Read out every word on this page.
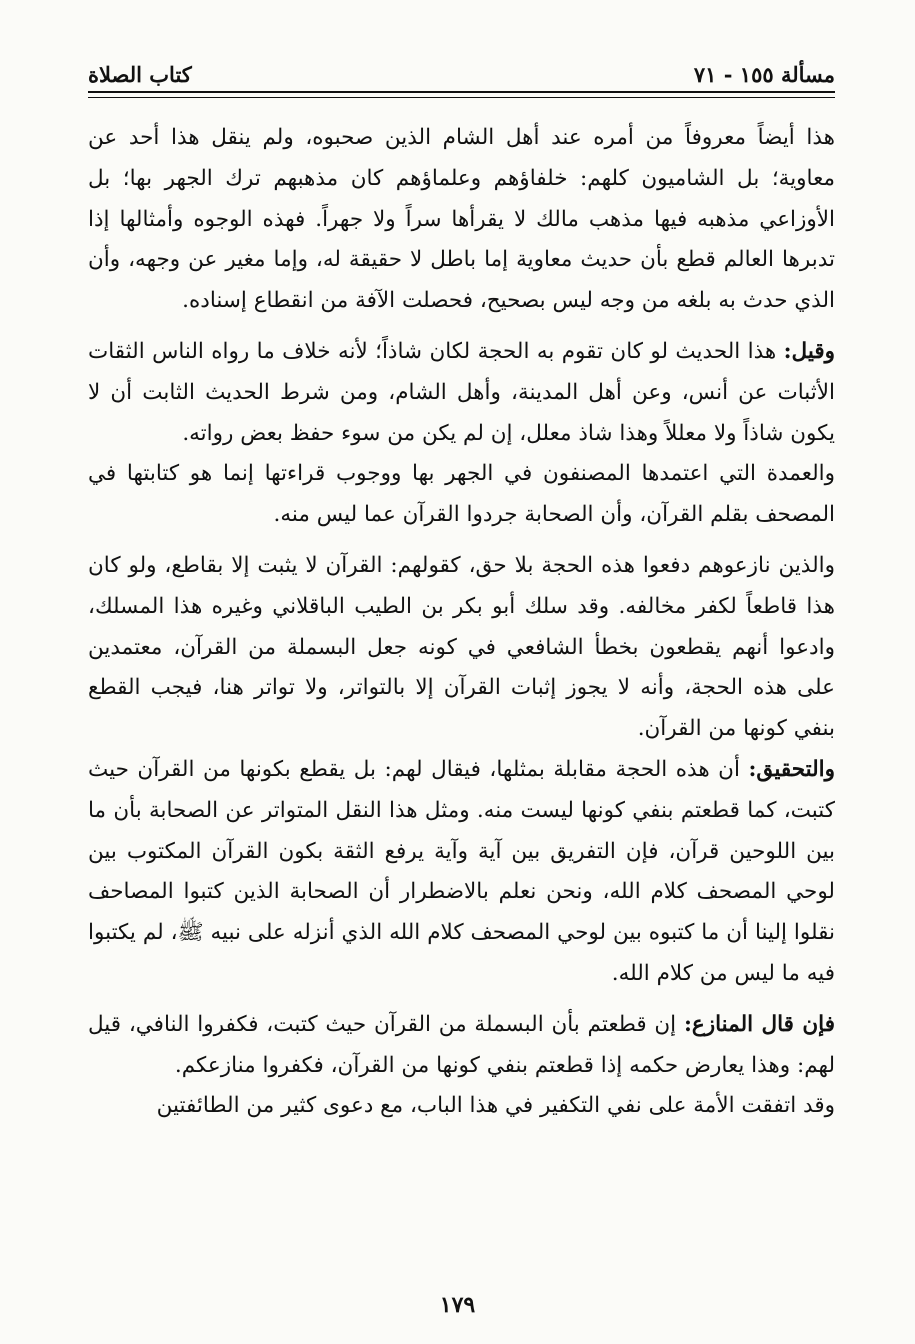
مسألة ١٥٥ - ٧١
كتاب الصلاة

هذا أيضاً معروفاً من أمره عند أهل الشام الذين صحبوه، ولم ينقل هذا أحد عن معاوية؛ بل الشاميون كلهم: خلفاؤهم وعلماؤهم كان مذهبهم ترك الجهر بها؛ بل الأوزاعي مذهبه فيها مذهب مالك لا يقرأها سراً ولا جهراً. فهذه الوجوه وأمثالها إذا تدبرها العالم قطع بأن حديث معاوية إما باطل لا حقيقة له، وإما مغير عن وجهه، وأن الذي حدث به بلغه من وجه ليس بصحيح، فحصلت الآفة من انقطاع إسناده.

وقيل: هذا الحديث لو كان تقوم به الحجة لكان شاذاً؛ لأنه خلاف ما رواه الناس الثقات الأثبات عن أنس، وعن أهل المدينة، وأهل الشام، ومن شرط الحديث الثابت أن لا يكون شاذاً ولا معللاً وهذا شاذ معلل، إن لم يكن من سوء حفظ بعض رواته.

والعمدة التي اعتمدها المصنفون في الجهر بها ووجوب قراءتها إنما هو كتابتها في المصحف بقلم القرآن، وأن الصحابة جردوا القرآن عما ليس منه.

والذين نازعوهم دفعوا هذه الحجة بلا حق، كقولهم: القرآن لا يثبت إلا بقاطع، ولو كان هذا قاطعاً لكفر مخالفه. وقد سلك أبو بكر بن الطيب الباقلاني وغيره هذا المسلك، وادعوا أنهم يقطعون بخطأ الشافعي في كونه جعل البسملة من القرآن، معتمدين على هذه الحجة، وأنه لا يجوز إثبات القرآن إلا بالتواتر، ولا تواتر هنا، فيجب القطع بنفي كونها من القرآن.

والتحقيق: أن هذه الحجة مقابلة بمثلها، فيقال لهم: بل يقطع بكونها من القرآن حيث كتبت، كما قطعتم بنفي كونها ليست منه. ومثل هذا النقل المتواتر عن الصحابة بأن ما بين اللوحين قرآن، فإن التفريق بين آية وآية يرفع الثقة بكون القرآن المكتوب بين لوحي المصحف كلام الله، ونحن نعلم بالاضطرار أن الصحابة الذين كتبوا المصاحف نقلوا إلينا أن ما كتبوه بين لوحي المصحف كلام الله الذي أنزله على نبيه ﷺ، لم يكتبوا فيه ما ليس من كلام الله.

فإن قال المنازع: إن قطعتم بأن البسملة من القرآن حيث كتبت، فكفروا النافي، قيل لهم: وهذا يعارض حكمه إذا قطعتم بنفي كونها من القرآن، فكفروا منازعكم.

وقد اتفقت الأمة على نفي التكفير في هذا الباب، مع دعوى كثير من الطائفتين

١٧٩
